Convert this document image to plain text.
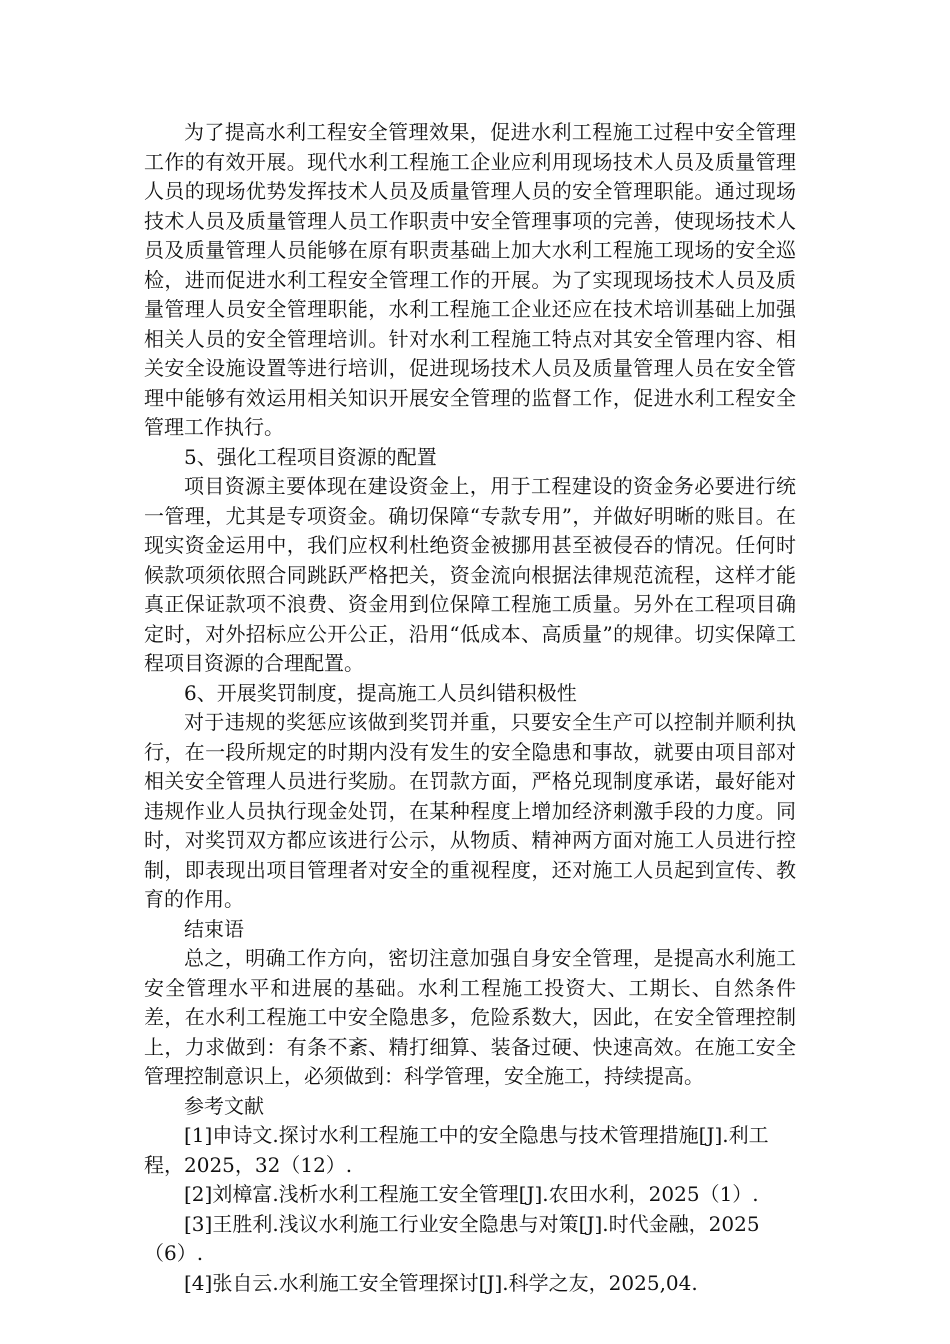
为了提高水利工程安全管理效果，促进水利工程施工过程中安全管理工作的有效开展。现代水利工程施工企业应利用现场技术人员及质量管理人员的现场优势发挥技术人员及质量管理人员的安全管理职能。通过现场技术人员及质量管理人员工作职责中安全管理事项的完善，使现场技术人员及质量管理人员能够在原有职责基础上加大水利工程施工现场的安全巡检，进而促进水利工程安全管理工作的开展。为了实现现场技术人员及质量管理人员安全管理职能，水利工程施工企业还应在技术培训基础上加强相关人员的安全管理培训。针对水利工程施工特点对其安全管理内容、相关安全设施设置等进行培训，促进现场技术人员及质量管理人员在安全管理中能够有效运用相关知识开展安全管理的监督工作，促进水利工程安全管理工作执行。

5、强化工程项目资源的配置

项目资源主要体现在建设资金上，用于工程建设的资金务必要进行统一管理，尤其是专项资金。确切保障“专款专用”，并做好明晰的账目。在现实资金运用中，我们应权利杜绝资金被挪用甚至被侵吞的情况。任何时候款项须依照合同跳跃严格把关，资金流向根据法律规范流程，这样才能真正保证款项不浪费、资金用到位保障工程施工质量。另外在工程项目确定时，对外招标应公开公正，沿用“低成本、高质量”的规律。切实保障工程项目资源的合理配置。

6、开展奖罚制度，提高施工人员纠错积极性

对于违规的奖惩应该做到奖罚并重，只要安全生产可以控制并顺利执行，在一段所规定的时期内没有发生的安全隐患和事故，就要由项目部对相关安全管理人员进行奖励。在罚款方面，严格兑现制度承诺，最好能对违规作业人员执行现金处罚，在某种程度上增加经济刺激手段的力度。同时，对奖罚双方都应该进行公示，从物质、精神两方面对施工人员进行控制，即表现出项目管理者对安全的重视程度，还对施工人员起到宣传、教育的作用。

结束语

总之，明确工作方向，密切注意加强自身安全管理，是提高水利施工安全管理水平和进展的基础。水利工程施工投资大、工期长、自然条件差，在水利工程施工中安全隐患多，危险系数大，因此，在安全管理控制上，力求做到：有条不紊、精打细算、装备过硬、快速高效。在施工安全管理控制意识上，必须做到：科学管理，安全施工，持续提高。

参考文献

[1]申诗文.探讨水利工程施工中的安全隐患与技术管理措施[J].利工程，2025，32（12）.

[2]刘樟富.浅析水利工程施工安全管理[J].农田水利，2025（1）.

[3]王胜利.浅议水利施工行业安全隐患与对策[J].时代金融，2025（6）.

[4]张自云.水利施工安全管理探讨[J].科学之友，2025,04.
